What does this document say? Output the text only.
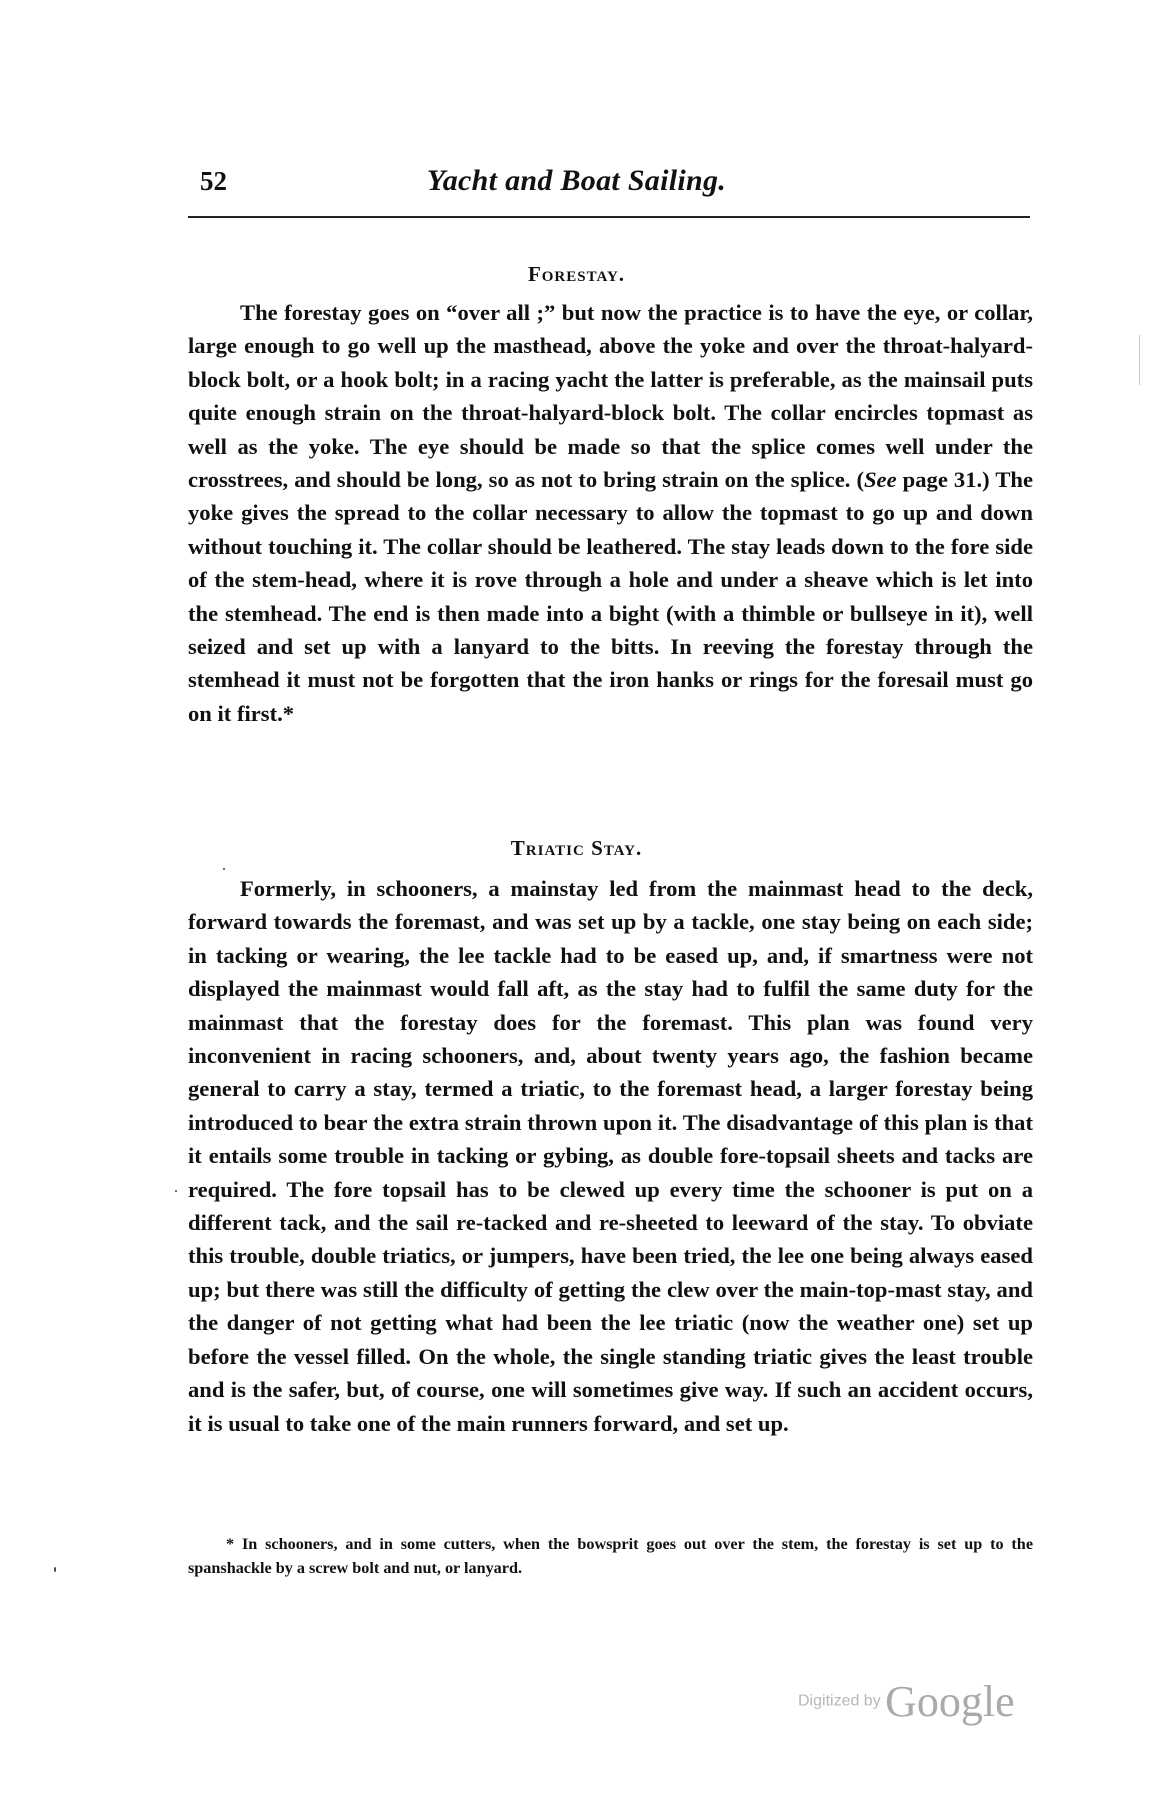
52	Yacht and Boat Sailing.
Forestay.

The forestay goes on “over all ;” but now the practice is to have the eye, or collar, large enough to go well up the masthead, above the yoke and over the throat-halyard-block bolt, or a hook bolt; in a racing yacht the latter is preferable, as the mainsail puts quite enough strain on the throat-halyard-block bolt. The collar encircles topmast as well as the yoke. The eye should be made so that the splice comes well under the crosstrees, and should be long, so as not to bring strain on the splice. (See page 31.) The yoke gives the spread to the collar necessary to allow the topmast to go up and down without touching it. The collar should be leathered. The stay leads down to the fore side of the stem-head, where it is rove through a hole and under a sheave which is let into the stemhead. The end is then made into a bight (with a thimble or bullseye in it), well seized and set up with a lanyard to the bitts. In reeving the forestay through the stemhead it must not be forgotten that the iron hanks or rings for the foresail must go on it first.*

Triatic Stay.

Formerly, in schooners, a mainstay led from the mainmast head to the deck, forward towards the foremast, and was set up by a tackle, one stay being on each side; in tacking or wearing, the lee tackle had to be eased up, and, if smartness were not displayed the mainmast would fall aft, as the stay had to fulfil the same duty for the mainmast that the forestay does for the foremast. This plan was found very inconvenient in racing schooners, and, about twenty years ago, the fashion became general to carry a stay, termed a triatic, to the foremast head, a larger forestay being introduced to bear the extra strain thrown upon it. The disadvantage of this plan is that it entails some trouble in tacking or gybing, as double fore-topsail sheets and tacks are required. The fore topsail has to be clewed up every time the schooner is put on a different tack, and the sail re-tacked and re-sheeted to leeward of the stay. To obviate this trouble, double triatics, or jumpers, have been tried, the lee one being always eased up; but there was still the difficulty of getting the clew over the main-top-mast stay, and the danger of not getting what had been the lee triatic (now the weather one) set up before the vessel filled. On the whole, the single standing triatic gives the least trouble and is the safer, but, of course, one will sometimes give way. If such an accident occurs, it is usual to take one of the main runners forward, and set up.

* In schooners, and in some cutters, when the bowsprit goes out over the stem, the forestay is set up to the spanshackle by a screw bolt and nut, or lanyard.

Digitized by Google
